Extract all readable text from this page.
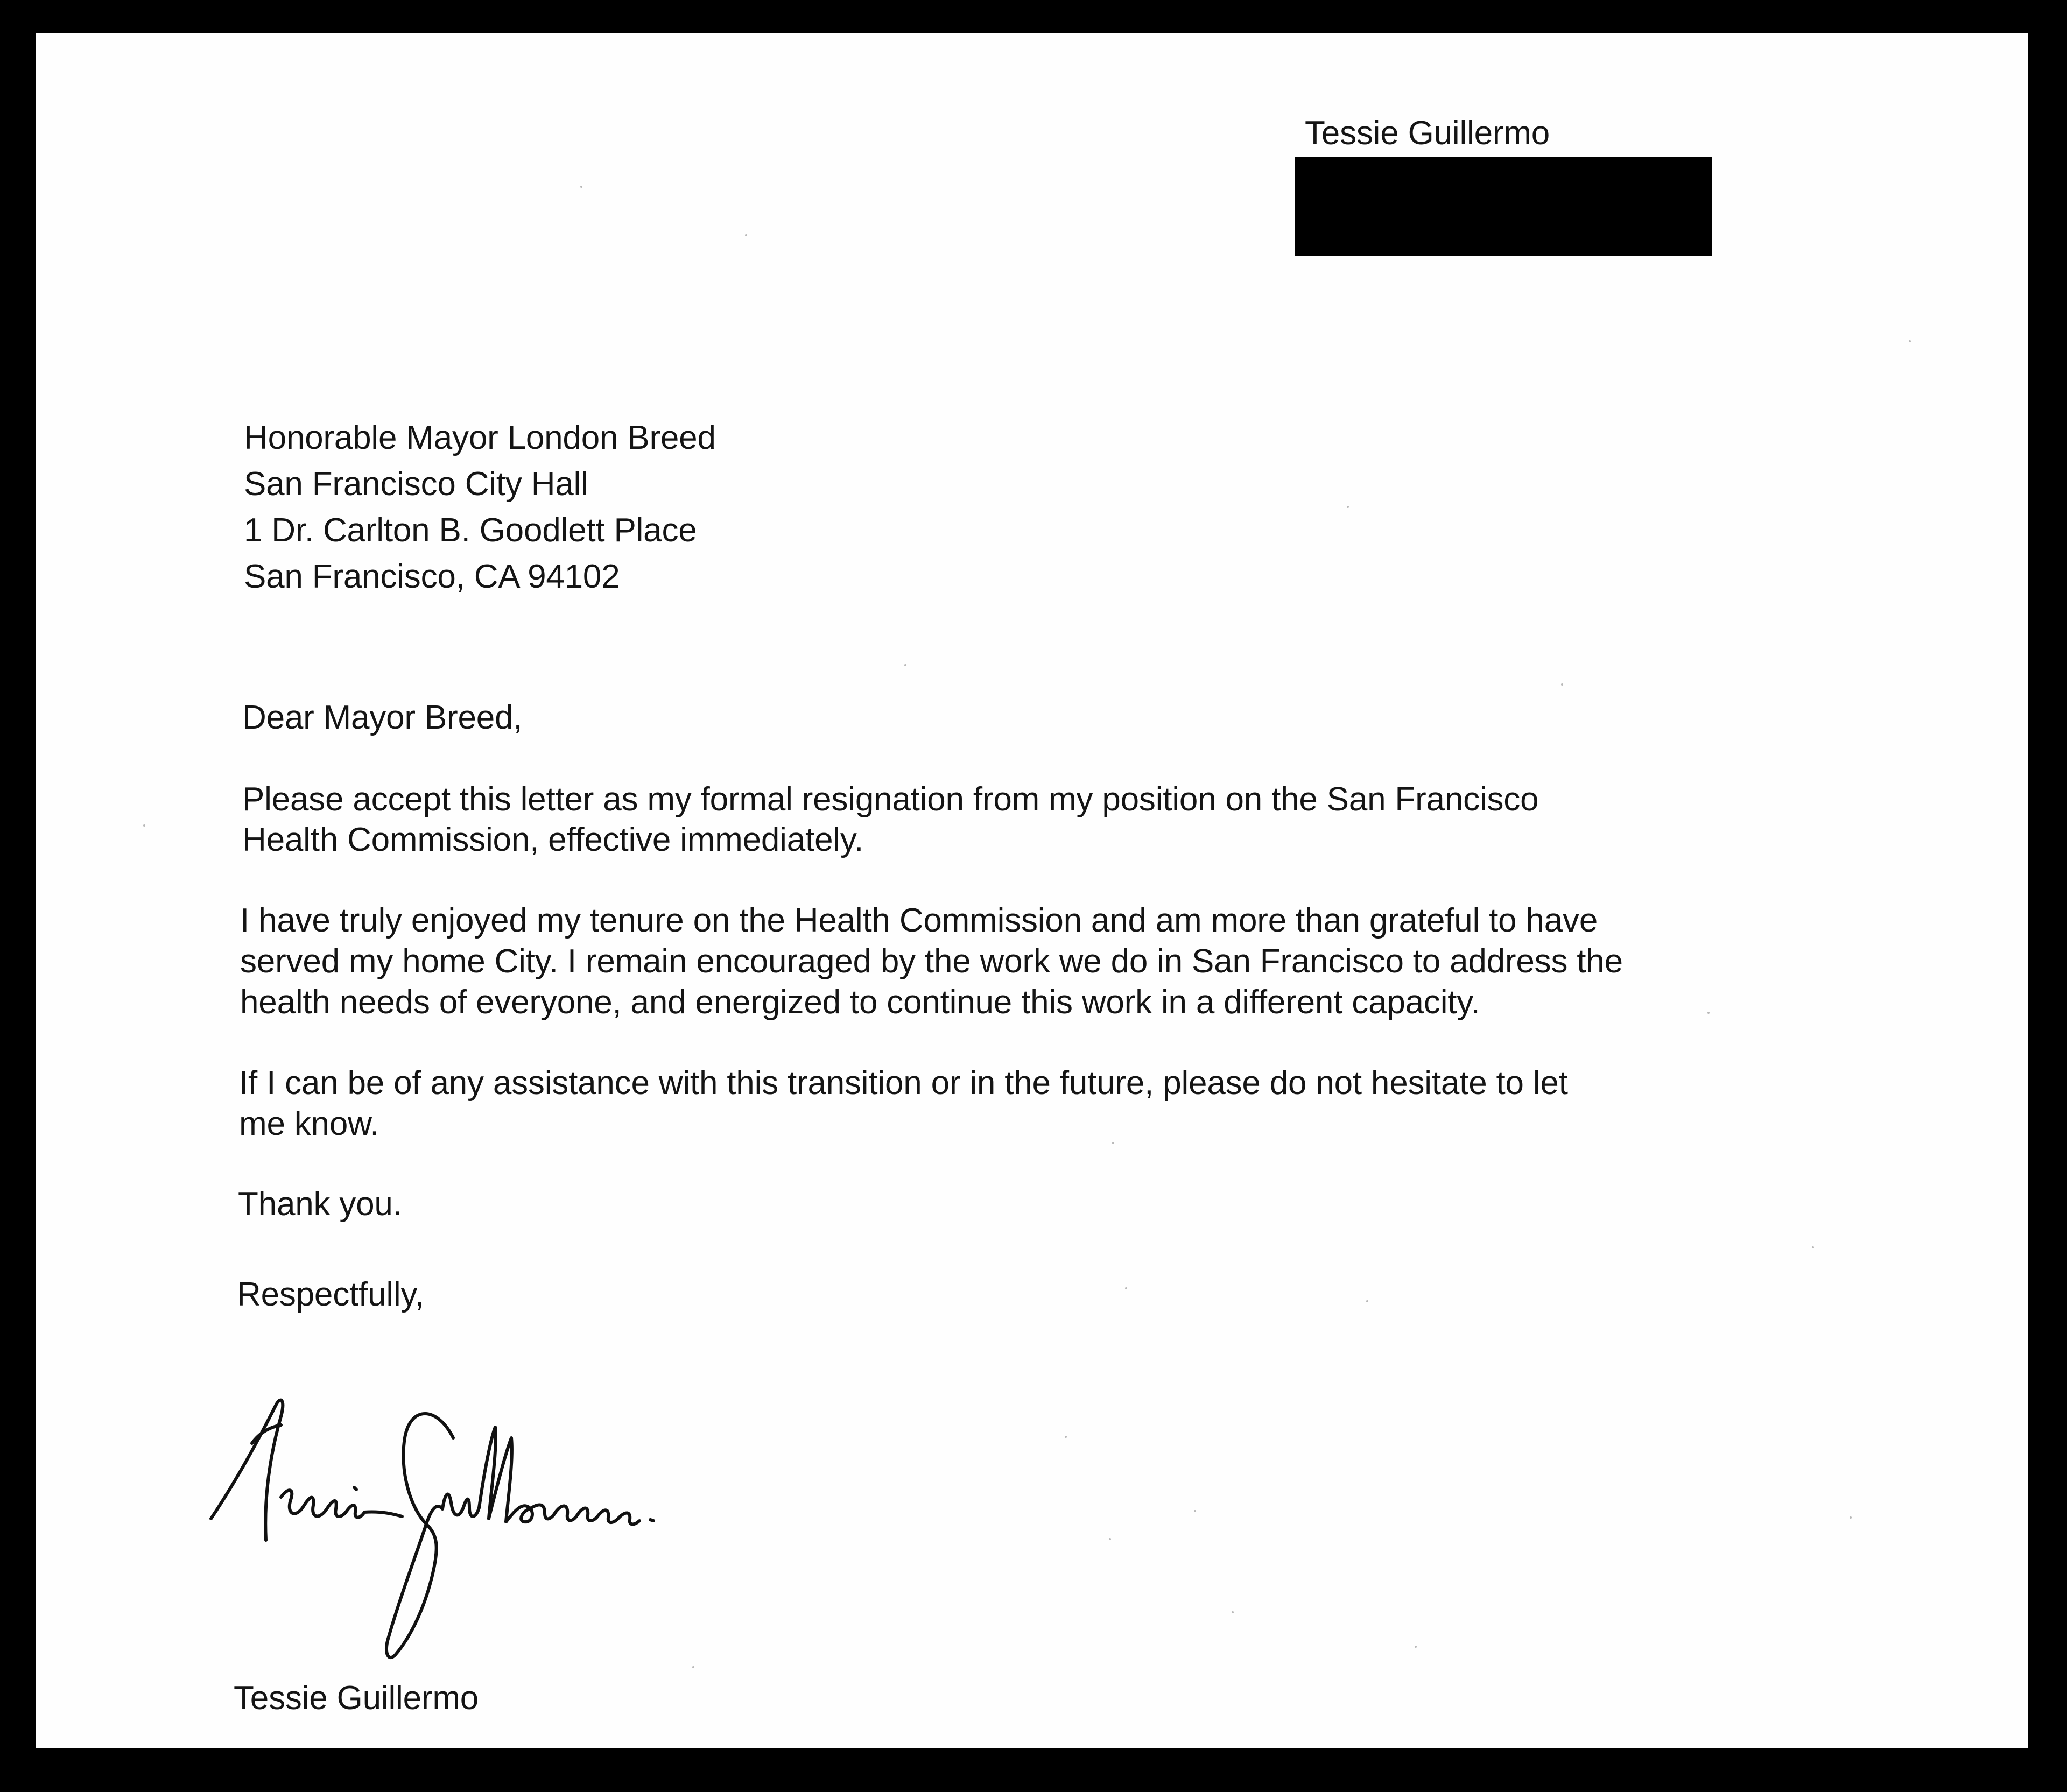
Tessie Guillermo

Honorable Mayor London Breed

San Francisco City Hall

1 Dr. Carlton B. Goodlett Place

San Francisco, CA 94102

Dear Mayor Breed,

Please accept this letter as my formal resignation from my position on the San Francisco

Health Commission, effective immediately.

I have truly enjoyed my tenure on the Health Commission and am more than grateful to have

served my home City. I remain encouraged by the work we do in San Francisco to address the

health needs of everyone, and energized to continue this work in a different capacity.

If I can be of any assistance with this transition or in the future, please do not hesitate to let

me know.

Thank you.

Respectfully,

Tessie Guillermo
